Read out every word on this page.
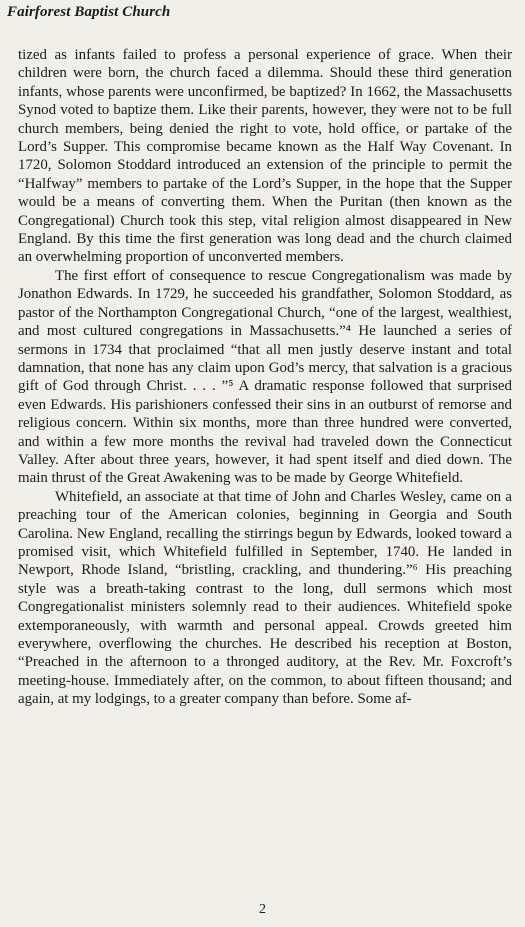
Fairforest Baptist Church

tized as infants failed to profess a personal experience of grace. When their children were born, the church faced a dilemma. Should these third generation infants, whose parents were unconfirmed, be baptized? In 1662, the Massachusetts Synod voted to baptize them. Like their parents, however, they were not to be full church members, being denied the right to vote, hold office, or partake of the Lord’s Supper. This compromise became known as the Half Way Covenant. In 1720, Solomon Stoddard introduced an extension of the principle to permit the “Halfway” members to partake of the Lord’s Supper, in the hope that the Supper would be a means of converting them. When the Puritan (then known as the Congregational) Church took this step, vital religion almost disappeared in New England. By this time the first generation was long dead and the church claimed an overwhelming proportion of unconverted members.

The first effort of consequence to rescue Congregationalism was made by Jonathon Edwards. In 1729, he succeeded his grandfather, Solomon Stoddard, as pastor of the Northampton Congregational Church, “one of the largest, wealthiest, and most cultured congregations in Massachusetts.”⁴ He launched a series of sermons in 1734 that proclaimed “that all men justly deserve instant and total damnation, that none has any claim upon God’s mercy, that salvation is a gracious gift of God through Christ. . . . ”⁵ A dramatic response followed that surprised even Edwards. His parishioners confessed their sins in an outburst of remorse and religious concern. Within six months, more than three hundred were converted, and within a few more months the revival had traveled down the Connecticut Valley. After about three years, however, it had spent itself and died down. The main thrust of the Great Awakening was to be made by George Whitefield.

Whitefield, an associate at that time of John and Charles Wesley, came on a preaching tour of the American colonies, beginning in Georgia and South Carolina. New England, recalling the stirrings begun by Edwards, looked toward a promised visit, which Whitefield fulfilled in September, 1740. He landed in Newport, Rhode Island, “bristling, crackling, and thundering.”⁶ His preaching style was a breath-taking contrast to the long, dull sermons which most Congregationalist ministers solemnly read to their audiences. Whitefield spoke extemporaneously, with warmth and personal appeal. Crowds greeted him everywhere, overflowing the churches. He described his reception at Boston, “Preached in the afternoon to a thronged auditory, at the Rev. Mr. Foxcroft’s meeting-house. Immediately after, on the common, to about fifteen thousand; and again, at my lodgings, to a greater company than before. Some af-

2
